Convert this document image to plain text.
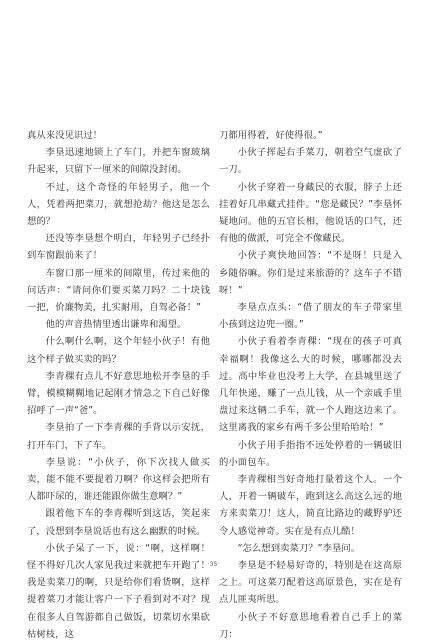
真从来没见识过！

李垦迅速地锁上了车门，并把车窗玻璃升起来，只留下一厘米的间隙没封闭。

不过，这个奇怪的年轻男子，他一个人，凭着两把菜刀，就想抢劫？他这是怎么想的？

还没等李垦想个明白，年轻男子已经扑到车窗跟前来了！

车窗口那一厘米的间隙里，传过来他的问话声：“请问你们要买菜刀吗？二十块钱一把，价廉物美，扎实耐用，自驾必备！”

他的声音热情里透出谦卑和渴望。

什么啊什么啊，这个年轻小伙子！有他这个样子做买卖的吗？

李青稞有点儿不好意思地松开李垦的手臂，模模糊糊地记起刚才情急之下自己好像招呼了一声“爸”。

李垦拍了一下李青稞的手背以示安抚，打开车门，下了车。

李垦说：“小伙子，你下次找人做买卖，能不能不要提着刀啊？你这样会把所有人都吓尿的，谁还能跟你做生意啊？”

跟着他下车的李青稞听到这话，笑起来了，没想到李垦说话也有这么幽默的时候。

小伙子呆了一下，说：“啊，这样啊！怪不得好几次人家见我过来就把车开跑了！我是卖菜刀的啊，只是给你们看货啊，这样提着菜刀才能让客户一下子看到对不对？现在很多人自驾游都自己做饭，切菜切水果砍枯树枝，这

刀都用得着，好使得很。”

小伙子挥起右手菜刀，朝着空气虚砍了一刀。

小伙子穿着一身藏民的衣服，脖子上还挂着好几串藏式挂件。“您是藏民？”李垦怀疑地问。他的五官长相，他说话的口气，还有他的做派，可完全不像藏民。

小伙子爽快地回答：“不是呀！只是入乡随俗嘛。你们是过来旅游的？这车子不错呀！”

李垦点点头：“借了朋友的车子带家里小孩到这边兜一圈。”

小伙子看着李青稞：“现在的孩子可真幸福啊！我像这么大的时候，哪哪都没去过。高中毕业也没考上大学，在县城里送了几年快递，赚了一点儿钱，从一个亲戚手里盘过来这辆二手车，就一个人跑这边来了。这里离我的家乡有两千多公里哈哈哈！”

小伙子用手指指不远处停着的一辆破旧的小面包车。

李青稞相当好奇地打量着这个人。一个人，开着一辆破车，跑到这么高这么远的地方来卖菜刀！这人，简直比路边的藏野驴还令人感觉神奇。实在是有点儿酷！

“怎么想到卖菜刀？”李垦问。

李垦是不轻易好奇的，特别是在这高原之上。可这菜刀配着这高原景色，实在是有点儿匪夷所思。

小伙子不好意思地看着自己手上的菜刀：

·35·
